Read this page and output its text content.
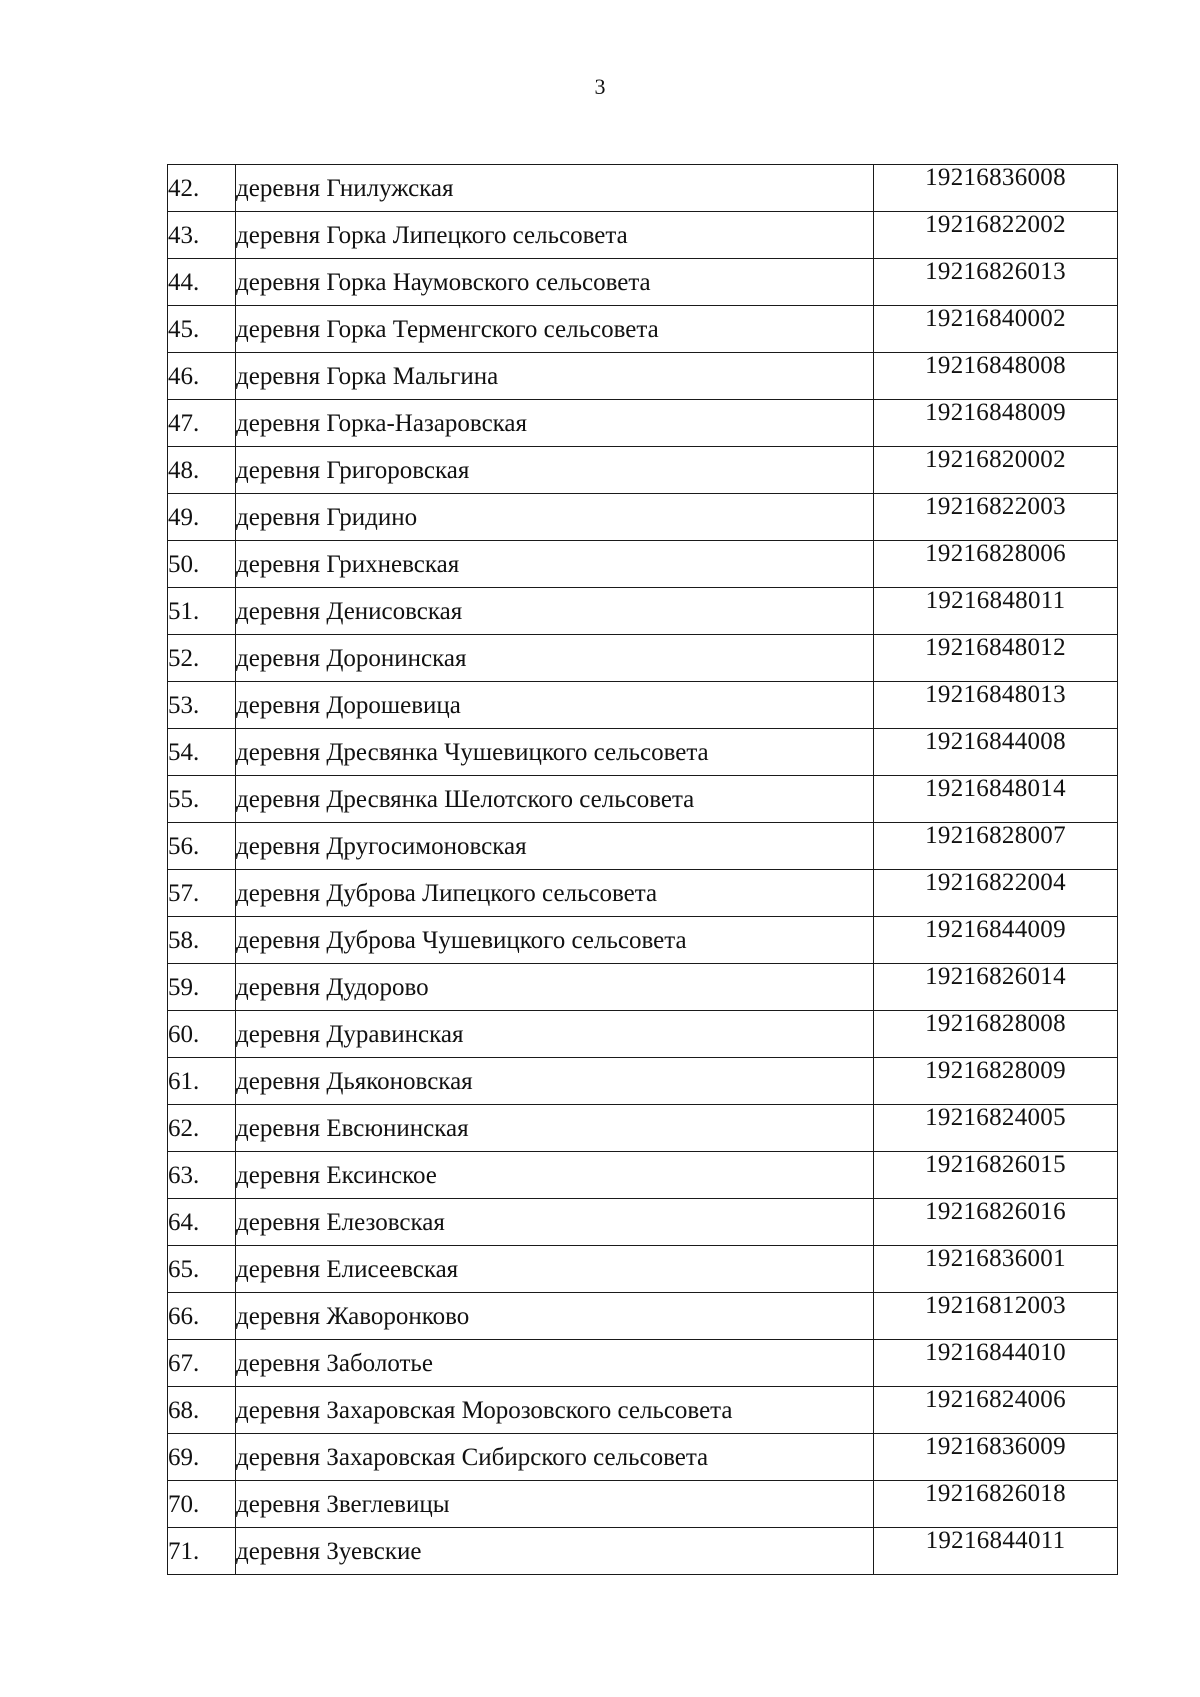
3
42.	деревня Гнилужская	19216836008
43.	деревня Горка Липецкого сельсовета	19216822002
44.	деревня Горка Наумовского сельсовета	19216826013
45.	деревня Горка Терменгского сельсовета	19216840002
46.	деревня Горка Мальгина	19216848008
47.	деревня Горка-Назаровская	19216848009
48.	деревня Григоровская	19216820002
49.	деревня Гридино	19216822003
50.	деревня Грихневская	19216828006
51.	деревня Денисовская	19216848011
52.	деревня Доронинская	19216848012
53.	деревня Дорошевица	19216848013
54.	деревня Дресвянка Чушевицкого сельсовета	19216844008
55.	деревня Дресвянка Шелотского сельсовета	19216848014
56.	деревня Другосимоновская	19216828007
57.	деревня Дуброва Липецкого сельсовета	19216822004
58.	деревня Дуброва Чушевицкого сельсовета	19216844009
59.	деревня Дудорово	19216826014
60.	деревня Дуравинская	19216828008
61.	деревня Дьяконовская	19216828009
62.	деревня Евсюнинская	19216824005
63.	деревня Ексинское	19216826015
64.	деревня Елезовская	19216826016
65.	деревня Елисеевская	19216836001
66.	деревня Жаворонково	19216812003
67.	деревня Заболотье	19216844010
68.	деревня Захаровская Морозовского сельсовета	19216824006
69.	деревня Захаровская Сибирского сельсовета	19216836009
70.	деревня Звеглевицы	19216826018
71.	деревня Зуевские	19216844011
